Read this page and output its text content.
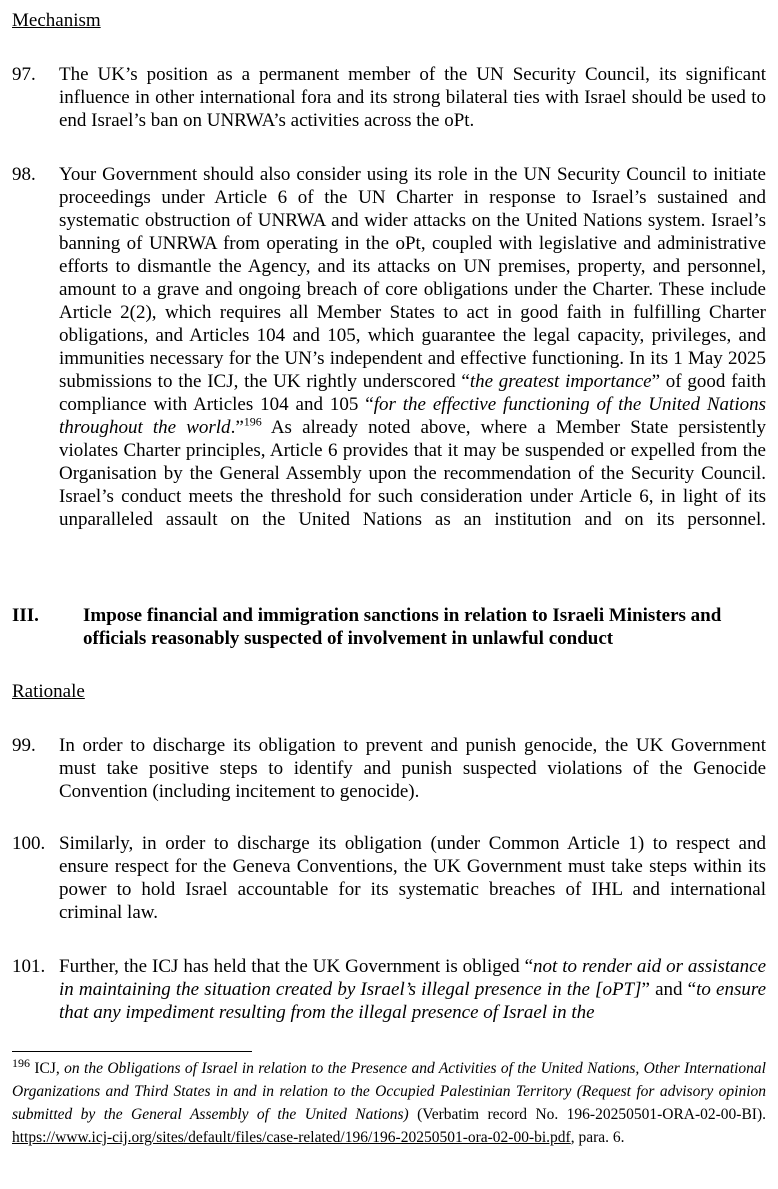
Mechanism
97. The UK’s position as a permanent member of the UN Security Council, its significant influence in other international fora and its strong bilateral ties with Israel should be used to end Israel’s ban on UNRWA’s activities across the oPt.
98. Your Government should also consider using its role in the UN Security Council to initiate proceedings under Article 6 of the UN Charter in response to Israel’s sustained and systematic obstruction of UNRWA and wider attacks on the United Nations system. Israel’s banning of UNRWA from operating in the oPt, coupled with legislative and administrative efforts to dismantle the Agency, and its attacks on UN premises, property, and personnel, amount to a grave and ongoing breach of core obligations under the Charter. These include Article 2(2), which requires all Member States to act in good faith in fulfilling Charter obligations, and Articles 104 and 105, which guarantee the legal capacity, privileges, and immunities necessary for the UN’s independent and effective functioning. In its 1 May 2025 submissions to the ICJ, the UK rightly underscored “the greatest importance” of good faith compliance with Articles 104 and 105 “for the effective functioning of the United Nations throughout the world.”$^{196}$ As already noted above, where a Member State persistently violates Charter principles, Article 6 provides that it may be suspended or expelled from the Organisation by the General Assembly upon the recommendation of the Security Council. Israel’s conduct meets the threshold for such consideration under Article 6, in light of its unparalleled assault on the United Nations as an institution and on its personnel.
III. Impose financial and immigration sanctions in relation to Israeli Ministers and officials reasonably suspected of involvement in unlawful conduct
Rationale
99. In order to discharge its obligation to prevent and punish genocide, the UK Government must take positive steps to identify and punish suspected violations of the Genocide Convention (including incitement to genocide).
100. Similarly, in order to discharge its obligation (under Common Article 1) to respect and ensure respect for the Geneva Conventions, the UK Government must take steps within its power to hold Israel accountable for its systematic breaches of IHL and international criminal law.
101. Further, the ICJ has held that the UK Government is obliged “not to render aid or assistance in maintaining the situation created by Israel’s illegal presence in the [oPT]” and “to ensure that any impediment resulting from the illegal presence of Israel in the
$^{196}$ ICJ, on the Obligations of Israel in relation to the Presence and Activities of the United Nations, Other International Organizations and Third States in and in relation to the Occupied Palestinian Territory (Request for advisory opinion submitted by the General Assembly of the United Nations) (Verbatim record No. 196-20250501-ORA-02-00-BI). https://www.icj-cij.org/sites/default/files/case-related/196/196-20250501-ora-02-00-bi.pdf, para. 6.
